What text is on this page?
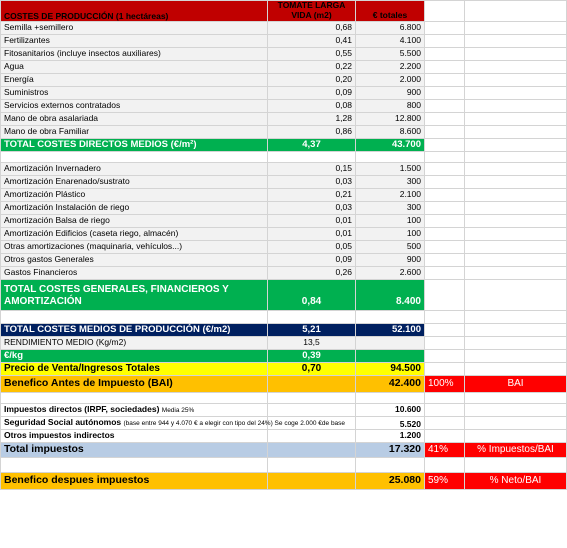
COSTES DE PRODUCCIÓN (1 hectáreas)	TOMATE LARGA VIDA (m2)	€ totales		
Semilla +semillero	0,68	6.800		
Fertilizantes	0,41	4.100		
Fitosanitarios (incluye insectos auxiliares)	0,55	5.500		
Agua	0,22	2.200		
Energía	0,20	2.000		
Suministros	0,09	900		
Servicios externos contratados	0,08	800		
Mano de obra asalariada	1,28	12.800		
Mano de obra Familiar	0,86	8.600		
TOTAL COSTES DIRECTOS MEDIOS (€/m²)	4,37	43.700		

Amortización Invernadero	0,15	1.500		
Amortización Enarenado/sustrato	0,03	300		
Amortización Plástico	0,21	2.100		
Amortización Instalación de riego	0,03	300		
Amortización Balsa de riego	0,01	100		
Amortización Edificios (caseta riego, almacén)	0,01	100		
Otras amortizaciones (maquinaria, vehículos...)	0,05	500		
Otros gastos Generales	0,09	900		
Gastos Financieros	0,26	2.600		
TOTAL COSTES GENERALES, FINANCIEROS Y AMORTIZACIÓN	0,84	8.400		

TOTAL COSTES MEDIOS DE PRODUCCIÓN (€/m2)	5,21	52.100		
RENDIMIENTO MEDIO (Kg/m2)	13,5			
€/kg	0,39			
Precio de Venta/Ingresos Totales	0,70	94.500		
Benefico Antes de Impuesto (BAI)		42.400	100%	BAI

Impuestos directos (IRPF, sociedades) Media 25%		10.600		
Seguridad Social autónomos (base entre 944 y 4.070 € a elegir con tipo del 24%) Se coge 2.000 €de base		5.520		
Otros impuestos indirectos		1.200		
Total impuestos		17.320	41%	% Impuestos/BAI

Benefico despues impuestos		25.080	59%	% Neto/BAI
